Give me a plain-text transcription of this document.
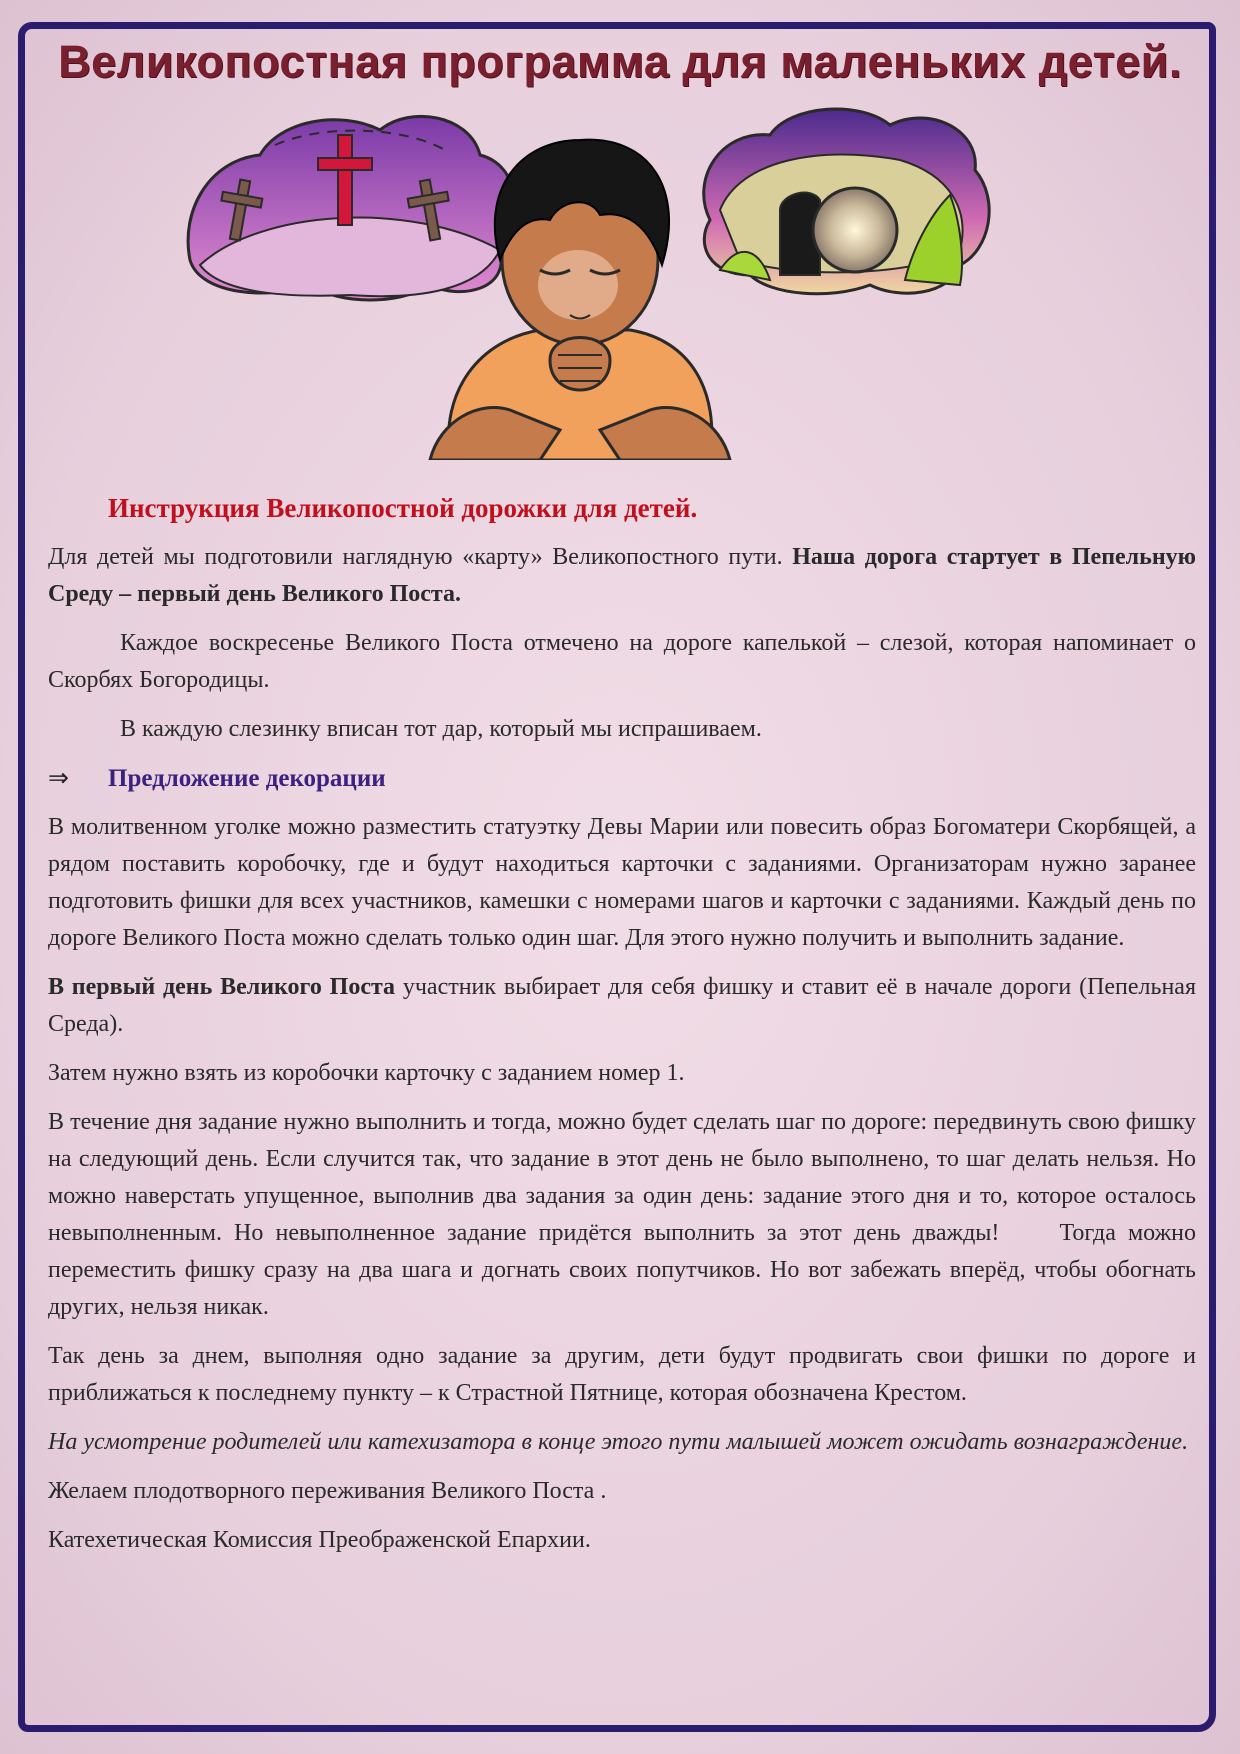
Великопостная программа для маленьких детей.

Инструкция Великопостной дорожки для детей.

Для детей мы подготовили наглядную «карту» Великопостного пути. Наша дорога стартует в Пепельную Среду – первый день Великого Поста.

Каждое воскресенье Великого Поста отмечено на дороге капелькой – слезой, которая напоминает о Скорбях Богородицы.

В каждую слезинку вписан тот дар, который мы испрашиваем.

⇒ Предложение декорации

В молитвенном уголке можно разместить статуэтку Девы Марии или повесить образ Богоматери Скорбящей, а рядом поставить коробочку, где и будут находиться карточки с заданиями. Организаторам нужно заранее подготовить фишки для всех участников, камешки с номерами шагов и карточки с заданиями. Каждый день по дороге Великого Поста можно сделать только один шаг. Для этого нужно получить и выполнить задание.

В первый день Великого Поста участник выбирает для себя фишку и ставит её в начале дороги (Пепельная Среда).

Затем нужно взять из коробочки карточку с заданием номер 1.

В течение дня задание нужно выполнить и тогда, можно будет сделать шаг по дороге: передвинуть свою фишку на следующий день. Если случится так, что задание в этот день не было выполнено, то шаг делать нельзя. Но можно наверстать упущенное, выполнив два задания за один день: задание этого дня и то, которое осталось невыполненным. Но невыполненное задание придётся выполнить за этот день дважды!	Тогда можно переместить фишку сразу на два шага и догнать своих попутчиков. Но вот забежать вперёд, чтобы обогнать других, нельзя никак.

Так день за днем, выполняя одно задание за другим, дети будут продвигать свои фишки по дороге и приближаться к последнему пункту – к Страстной Пятнице, которая обозначена Крестом.

На усмотрение родителей или катехизатора в конце этого пути малышей может ожидать вознаграждение.

Желаем плодотворного переживания Великого Поста .

Катехетическая Комиссия Преображенской Епархии.
